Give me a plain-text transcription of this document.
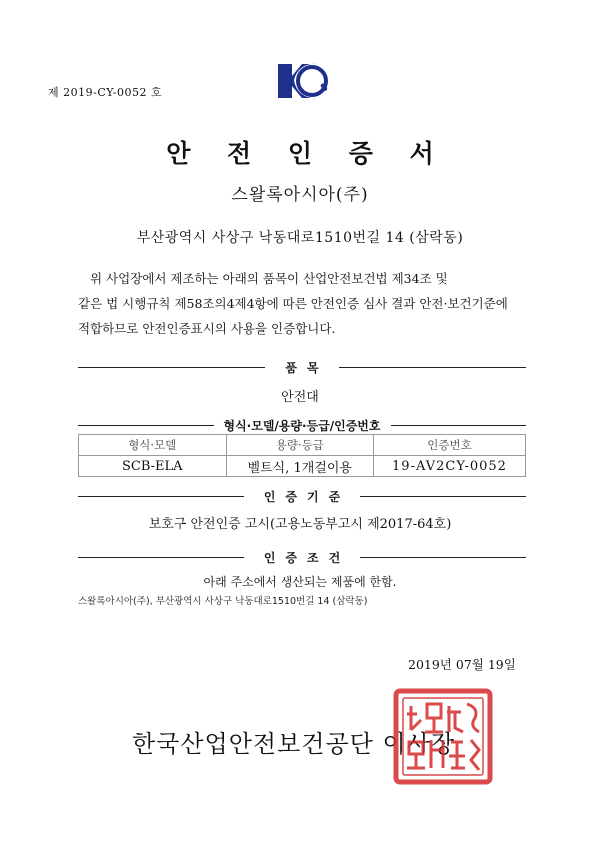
제 2019-CY-0052 호	s
안 전 인 증 서
스왈록아시아(주)
부산광역시 사상구 낙동대로1510번길 14 (삼락동)

위 사업장에서 제조하는 아래의 품목이 산업안전보건법 제34조 및

같은 법 시행규칙 제58조의4제4항에 따른 안전인증 심사 결과 안전·보건기준에

적합하므로 안전인증표시의 사용을 인증합니다.

품목
안전대
형식·모델/용량·등급/인증번호
형식·모델	용량·등급	인증번호
SCB-ELA	벨트식, 1개걸이용	19-AV2CY-0052
인증기준
보호구 안전인증 고시(고용노동부고시 제2017-64호)
인증조건
아래 주소에서 생산되는 제품에 한함.
스왈록아시아(주), 부산광역시 사상구 낙동대로1510번길 14 (삼락동)
2019년 07월 19일
한국산업안전보건공단 이사장
